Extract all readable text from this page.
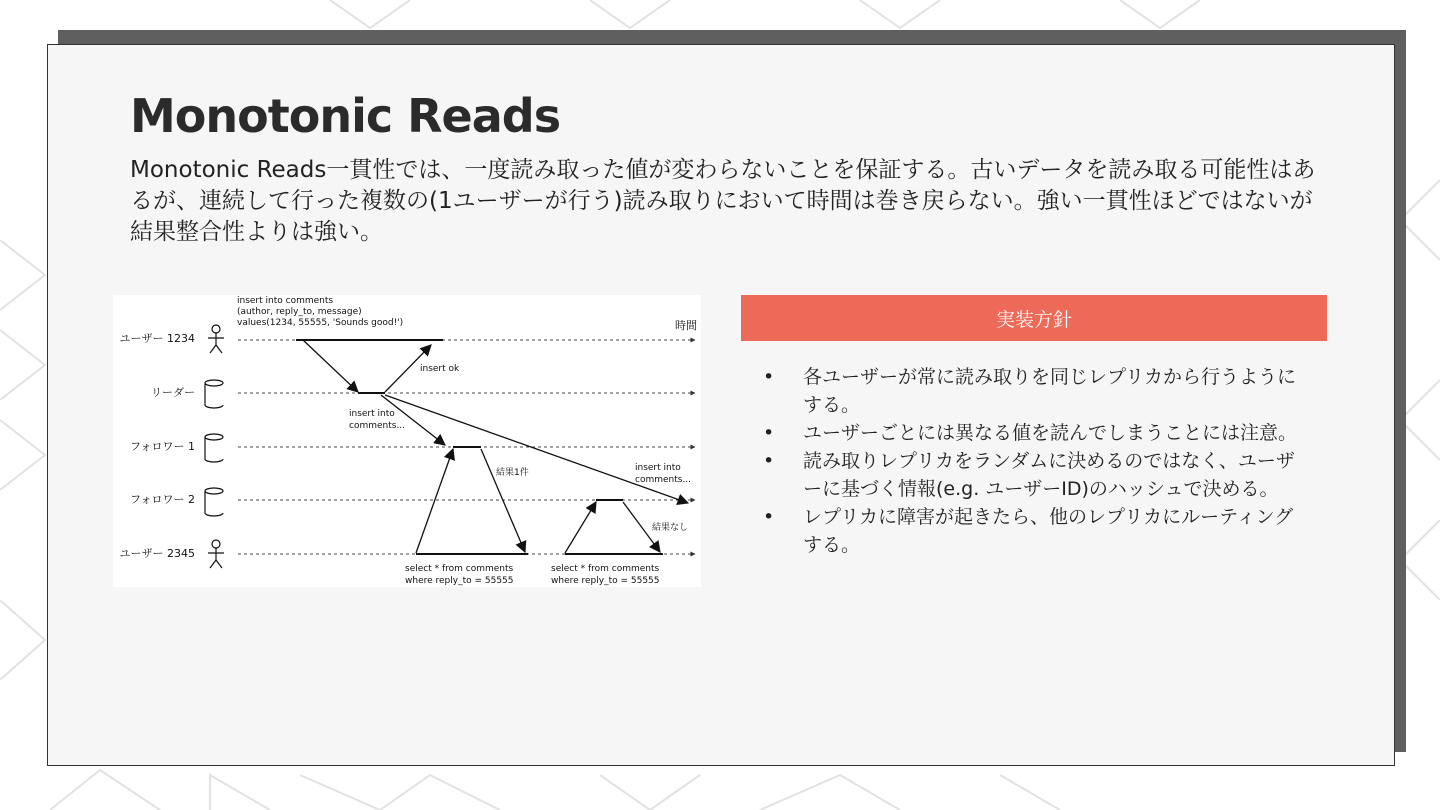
Monotonic Reads

Monotonic Reads一貫性では、一度読み取った値が変わらないことを保証する。古いデータを読み取る可能性はあるが、連続して行った複数の(1ユーザーが行う)読み取りにおいて時間は巻き戻らない。強い一貫性ほどではないが結果整合性よりは強い。

ユーザー 1234
リーダー
フォロワー 1
フォロワー 2
ユーザー 2345
時間
insert into comments
(author, reply_to, message)
values(1234, 55555, 'Sounds good!')
insert ok
insert into
comments...
insert into
comments...
結果1件
結果なし
select * from comments
where reply_to = 55555
select * from comments
where reply_to = 55555
実装方針
• 各ユーザーが常に読み取りを同じレプリカから行うようにする。
• ユーザーごとには異なる値を読んでしまうことには注意。
• 読み取りレプリカをランダムに決めるのではなく、ユーザーに基づく情報(e.g. ユーザーID)のハッシュで決める。
• レプリカに障害が起きたら、他のレプリカにルーティングする。
